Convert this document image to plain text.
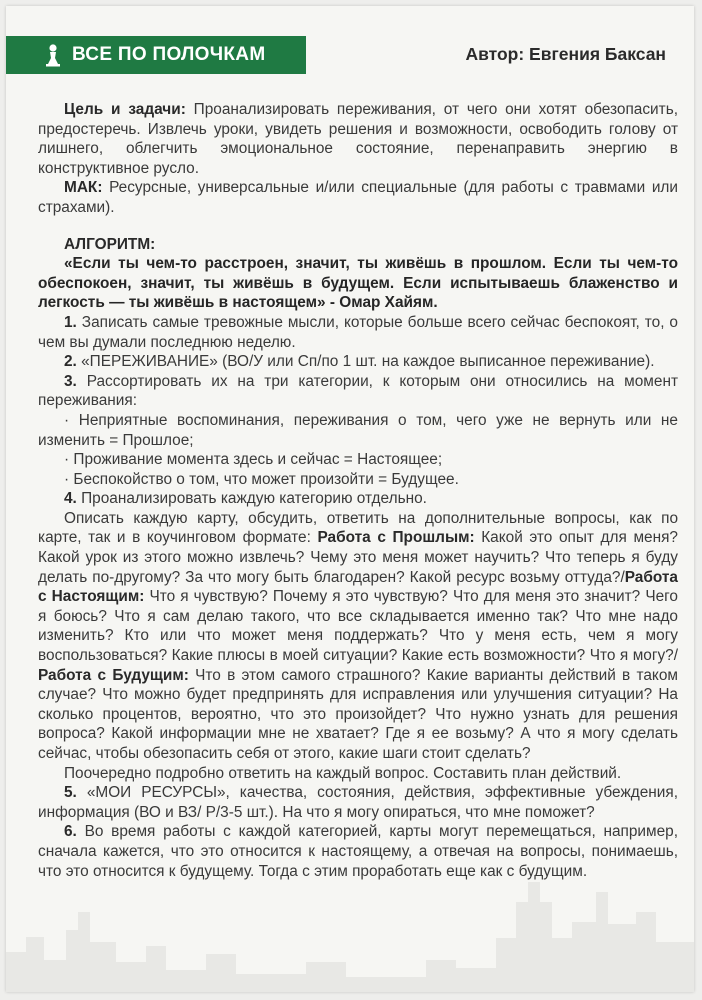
ВСЕ ПО ПОЛОЧКАМ	Автор: Евгения Баксан

Цель и задачи: Проанализировать переживания, от чего они хотят обезопасить, предостеречь. Извлечь уроки, увидеть решения и возможности, освободить голову от лишнего, облегчить эмоциональное состояние, перенаправить энергию в конструктивное русло.

МАК: Ресурсные, универсальные и/или специальные (для работы с травмами или страхами).

АЛГОРИТМ:

«Если ты чем-то расстроен, значит, ты живёшь в прошлом. Если ты чем-то обеспокоен, значит, ты живёшь в будущем. Если испытываешь блаженство и легкость — ты живёшь в настоящем» - Омар Хайям.

1. Записать самые тревожные мысли, которые больше всего сейчас беспокоят, то, о чем вы думали последнюю неделю.

2. «ПЕРЕЖИВАНИЕ» (ВО/У или Сп/по 1 шт. на каждое выписанное переживание).

3. Рассортировать их на три категории, к которым они относились на момент переживания:

· Неприятные воспоминания, переживания о том, чего уже не вернуть или не изменить = Прошлое;

· Проживание момента здесь и сейчас = Настоящее;

· Беспокойство о том, что может произойти = Будущее.

4. Проанализировать каждую категорию отдельно.

Описать каждую карту, обсудить, ответить на дополнительные вопросы, как по карте, так и в коучинговом формате: Работа с Прошлым: Какой это опыт для меня? Какой урок из этого можно извлечь? Чему это меня может научить? Что теперь я буду делать по-другому? За что могу быть благодарен? Какой ресурс возьму оттуда?/Работа с Настоящим: Что я чувствую? Почему я это чувствую? Что для меня это значит? Чего я боюсь? Что я сам делаю такого, что все складывается именно так? Что мне надо изменить? Кто или что может меня поддержать? Что у меня есть, чем я могу воспользоваться? Какие плюсы в моей ситуации? Какие есть возможности? Что я могу?/Работа с Будущим: Что в этом самого страшного? Какие варианты действий в таком случае? Что можно будет предпринять для исправления или улучшения ситуации? На сколько процентов, вероятно, что это произойдет? Что нужно узнать для решения вопроса? Какой информации мне не хватает? Где я ее возьму? А что я могу сделать сейчас, чтобы обезопасить себя от этого, какие шаги стоит сделать?

Поочередно подробно ответить на каждый вопрос. Составить план действий.

5. «МОИ РЕСУРСЫ», качества, состояния, действия, эффективные убеждения, информация (ВО и ВЗ/ Р/3-5 шт.). На что я могу опираться, что мне поможет?

6. Во время работы с каждой категорией, карты могут перемещаться, например, сначала кажется, что это относится к настоящему, а отвечая на вопросы, понимаешь, что это относится к будущему. Тогда с этим проработать еще как с будущим.
